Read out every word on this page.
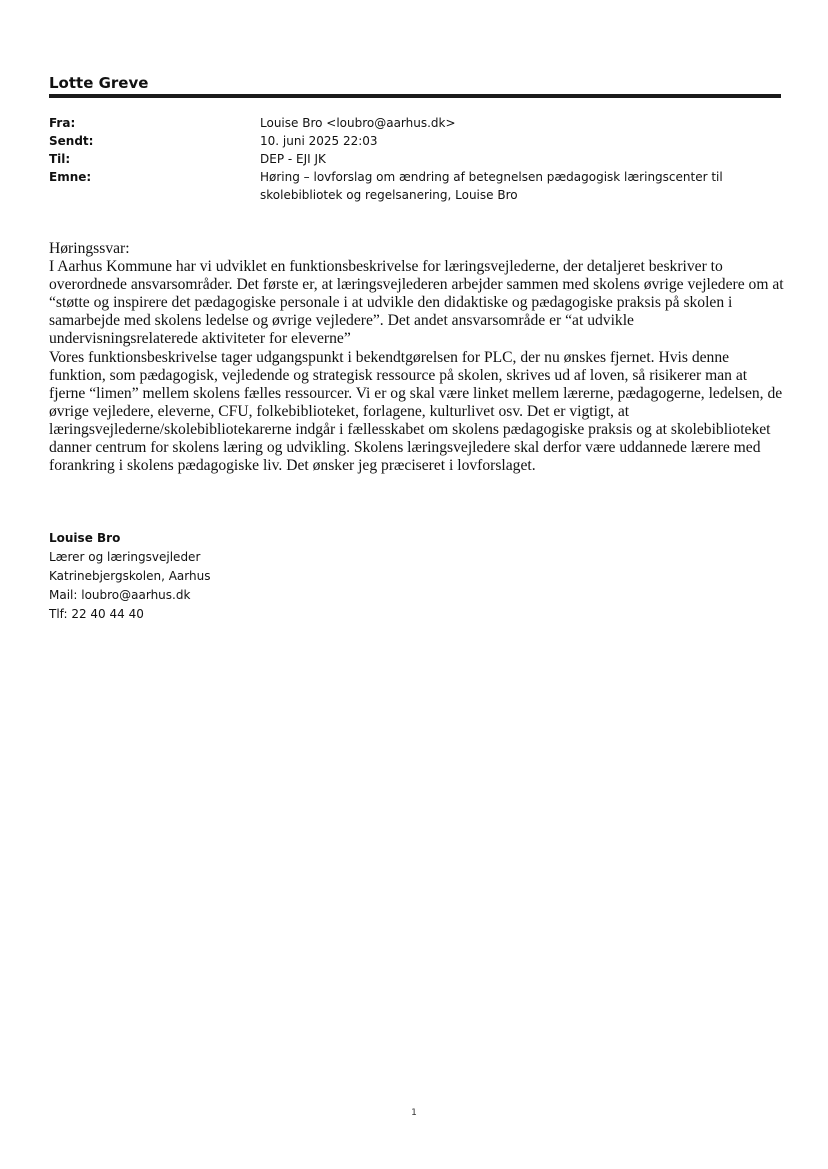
Lotte Greve
Fra:	Louise Bro <loubro@aarhus.dk>
Sendt:	10. juni 2025 22:03
Til:	DEP - EJI JK
Emne:	Høring – lovforslag om ændring af betegnelsen pædagogisk læringscenter til skolebibliotek og regelsanering, Louise Bro

Høringssvar:

I Aarhus Kommune har vi udviklet en funktionsbeskrivelse for læringsvejlederne, der detaljeret beskriver to overordnede ansvarsområder. Det første er, at læringsvejlederen arbejder sammen med skolens øvrige vejledere om at “støtte og inspirere det pædagogiske personale i at udvikle den didaktiske og pædagogiske praksis på skolen i samarbejde med skolens ledelse og øvrige vejledere”. Det andet ansvarsområde er “at udvikle undervisningsrelaterede aktiviteter for eleverne”

Vores funktionsbeskrivelse tager udgangspunkt i bekendtgørelsen for PLC, der nu ønskes fjernet. Hvis denne funktion, som pædagogisk, vejledende og strategisk ressource på skolen, skrives ud af loven, så risikerer man at fjerne “limen” mellem skolens fælles ressourcer. Vi er og skal være linket mellem lærerne, pædagogerne, ledelsen, de øvrige vejledere, eleverne, CFU, folkebiblioteket, forlagene, kulturlivet osv. Det er vigtigt, at læringsvejlederne/skolebibliotekarerne indgår i fællesskabet om skolens pædagogiske praksis og at skolebiblioteket danner centrum for skolens læring og udvikling. Skolens læringsvejledere skal derfor være uddannede lærere med forankring i skolens pædagogiske liv. Det ønsker jeg præciseret i lovforslaget.

Louise Bro
Lærer og læringsvejleder
Katrinebjergskolen, Aarhus
Mail: loubro@aarhus.dk
Tlf: 22 40 44 40
1
